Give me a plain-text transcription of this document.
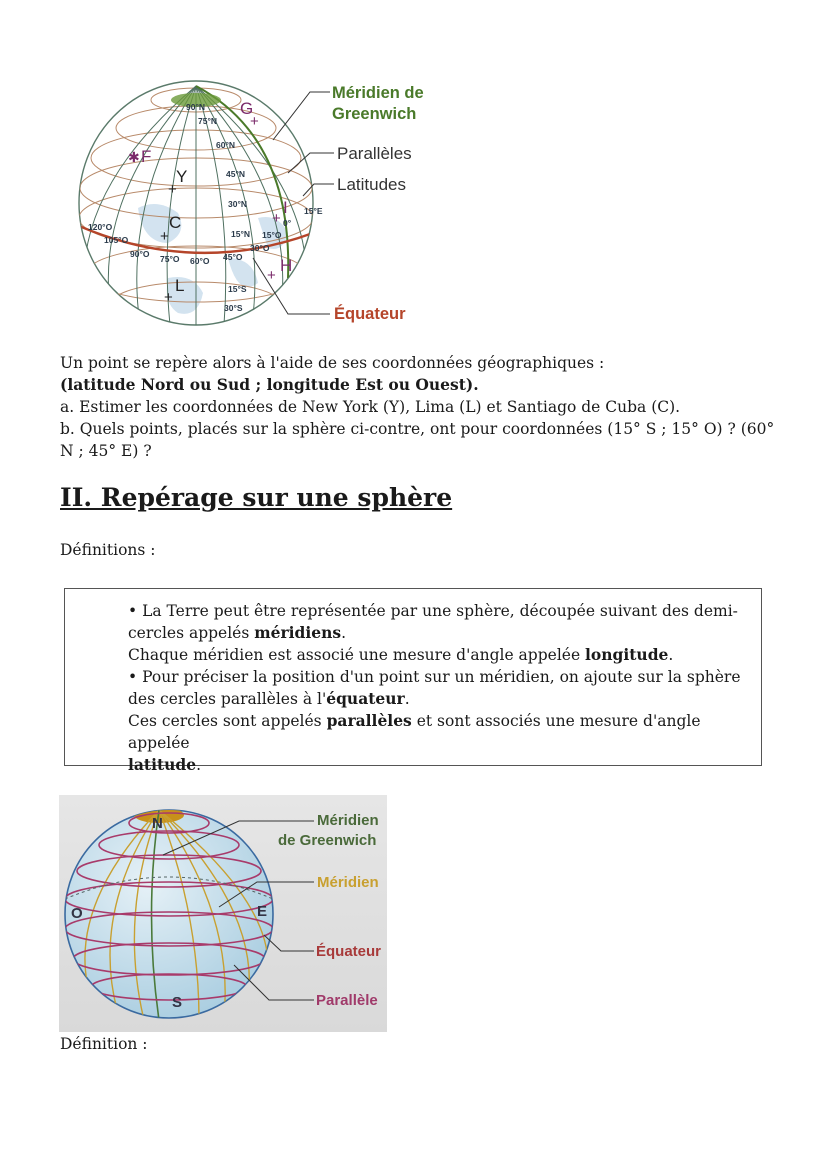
90°N
75°N
60°N
45°N
30°N
15°N
15°S
30°S
120°O
105°O
90°O 75°O 60°O 45°O
30°O
15°O
0°
15°E
G
+
✱ F
Y
+
C
+
I
+
H
+
L
+
Méridien de
Greenwich
Parallèles
Latitudes
Équateur

Un point se repère alors à l'aide de ses coordonnées géographiques :

(latitude Nord ou Sud ; longitude Est ou Ouest).

a. Estimer les coordonnées de New York (Y), Lima (L) et Santiago de Cuba (C).

b. Quels points, placés sur la sphère ci-contre, ont pour coordonnées (15° S ; 15° O) ? (60°

N ; 45° E) ?

II. Repérage sur une sphère

Définitions :

• La Terre peut être représentée par une sphère, découpée suivant des demi-

cercles appelés méridiens.

Chaque méridien est associé une mesure d'angle appelée longitude.

• Pour préciser la position d'un point sur un méridien, on ajoute sur la sphère

des cercles parallèles à l'équateur.

Ces cercles sont appelés parallèles et sont associés une mesure d'angle appelée

latitude.

N
S
O	E
Méridien
de Greenwich
Méridien
Équateur
Parallèle

Définition :
